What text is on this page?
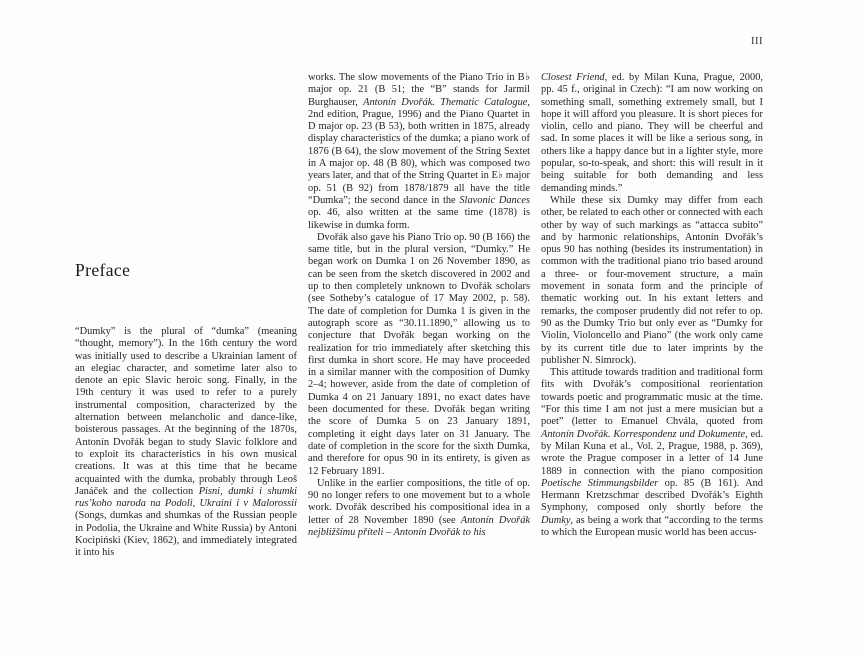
III
Preface

“Dumky” is the plural of “dumka” (meaning “thought, memory”). In the 16th century the word was initially used to describe a Ukrainian lament of an elegiac character, and sometime later also to denote an epic Slavic heroic song. Finally, in the 19th century it was used to refer to a purely instrumental composition, characterized by the alternation between melancholic and dance-like, boisterous passages. At the beginning of the 1870s, Antonín Dvořák began to study Slavic folklore and to exploit its characteristics in his own musical creations. It was at this time that he became acquainted with the dumka, probably through Leoš Janáček and the collection Pisni, dumki i shumki rus’koho naroda na Podoli, Ukraini i v Malorossii (Songs, dumkas and shumkas of the Russian people in Podolia, the Ukraine and White Russia) by Antoni Kocipiński (Kiev, 1862), and immediately integrated it into his

works. The slow movements of the Piano Trio in B♭ major op. 21 (B 51; the “B” stands for Jarmil Burghauser, Antonín Dvořák. Thematic Catalogue, 2nd edition, Prague, 1996) and the Piano Quartet in D major op. 23 (B 53), both written in 1875, already display characteristics of the dumka; a piano work of 1876 (B 64), the slow movement of the String Sextet in A major op. 48 (B 80), which was composed two years later, and that of the String Quartet in E♭ major op. 51 (B 92) from 1878/1879 all have the title “Dumka”; the second dance in the Slavonic Dances op. 46, also written at the same time (1878) is likewise in dumka form.

Dvořák also gave his Piano Trio op. 90 (B 166) the same title, but in the plural version, “Dumky.” He began work on Dumka 1 on 26 November 1890, as can be seen from the sketch discovered in 2002 and up to then completely unknown to Dvořák scholars (see Sotheby’s catalogue of 17 May 2002, p. 58). The date of completion for Dumka 1 is given in the autograph score as “30.11.1890,” allowing us to conjecture that Dvořák began working on the realization for trio immediately after sketching this first dumka in short score. He may have proceeded in a similar manner with the composition of Dumky 2–4; however, aside from the date of completion of Dumka 4 on 21 January 1891, no exact dates have been documented for these. Dvořák began writing the score of Dumka 5 on 23 January 1891, completing it eight days later on 31 January. The date of completion in the score for the sixth Dumka, and therefore for opus 90 in its entirety, is given as 12 February 1891.

Unlike in the earlier compositions, the title of op. 90 no longer refers to one movement but to a whole work. Dvořák described his compositional idea in a letter of 28 November 1890 (see Antonín Dvořák nejbližšímu příteli – Antonín Dvořák to his

Closest Friend, ed. by Milan Kuna, Prague, 2000, pp. 45 f., original in Czech): “I am now working on something small, something extremely small, but I hope it will afford you pleasure. It is short pieces for violin, cello and piano. They will be cheerful and sad. In some places it will be like a serious song, in others like a happy dance but in a lighter style, more popular, so-to-speak, and short: this will result in it being suitable for both demanding and less demanding minds.”

While these six Dumky may differ from each other, be related to each other or connected with each other by way of such markings as “attacca subito” and by harmonic relationships, Antonín Dvořák’s opus 90 has nothing (besides its instrumentation) in common with the traditional piano trio based around a three- or four-movement structure, a main movement in sonata form and the principle of thematic working out. In his extant letters and remarks, the composer prudently did not refer to op. 90 as the Dumky Trio but only ever as “Dumky for Violin, Violoncello and Piano” (the work only came by its current title due to later imprints by the publisher N. Simrock).

This attitude towards tradition and traditional form fits with Dvořák’s compositional reorientation towards poetic and programmatic music at the time. “For this time I am not just a mere musician but a poet” (letter to Emanuel Chvála, quoted from Antonín Dvořák. Korrespondenz und Dokumente, ed. by Milan Kuna et al., Vol. 2, Prague, 1988, p. 369), wrote the Prague composer in a letter of 14 June 1889 in connection with the piano composition Poetische Stimmungsbilder op. 85 (B 161). And Hermann Kretzschmar described Dvořák’s Eighth Symphony, composed only shortly before the Dumky, as being a work that “according to the terms to which the European music world has been accus-
